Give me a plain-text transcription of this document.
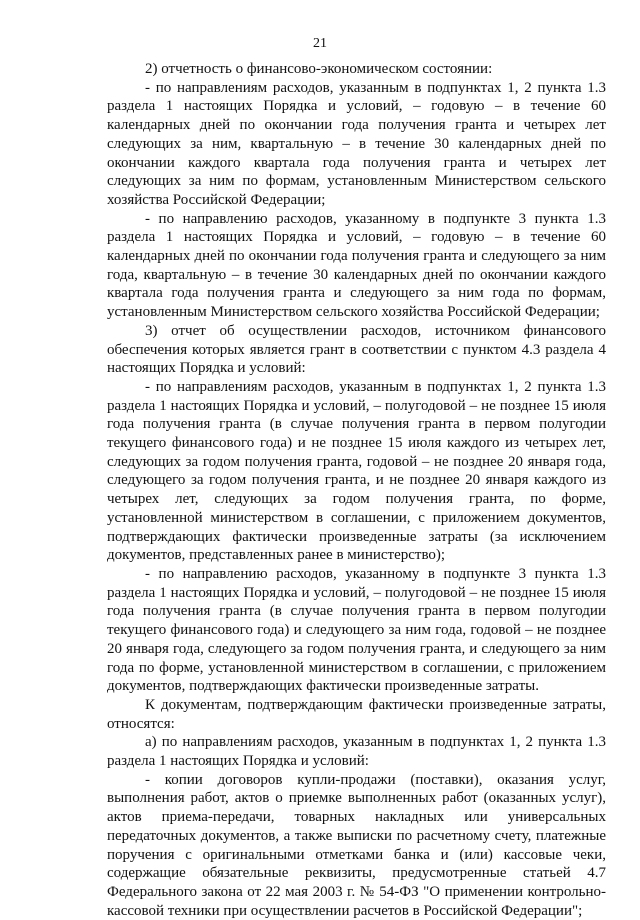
21

2) отчетность о финансово-экономическом состоянии:

- по направлениям расходов, указанным в подпунктах 1, 2 пункта 1.3 раздела 1 настоящих Порядка и условий, – годовую – в течение 60 календарных дней по окончании года получения гранта и четырех лет следующих за ним, квартальную – в течение 30 календарных дней по окончании каждого квартала года получения гранта и четырех лет следующих за ним по формам, установленным Министерством сельского хозяйства Российской Федерации;

- по направлению расходов, указанному в подпункте 3 пункта 1.3 раздела 1 настоящих Порядка и условий, – годовую – в течение 60 календарных дней по окончании года получения гранта и следующего за ним года, квартальную – в течение 30 календарных дней по окончании каждого квартала года получения гранта и следующего за ним года по формам, установленным Министерством сельского хозяйства Российской Федерации;

3) отчет об осуществлении расходов, источником финансового обеспечения которых является грант в соответствии с пунктом 4.3 раздела 4 настоящих Порядка и условий:

- по направлениям расходов, указанным в подпунктах 1, 2 пункта 1.3 раздела 1 настоящих Порядка и условий, – полугодовой – не позднее 15 июля года получения гранта (в случае получения гранта в первом полугодии текущего финансового года) и не позднее 15 июля каждого из четырех лет, следующих за годом получения гранта, годовой – не позднее 20 января года, следующего за годом получения гранта, и не позднее 20 января каждого из четырех лет, следующих за годом получения гранта, по форме, установленной министерством в соглашении, с приложением документов, подтверждающих фактически произведенные затраты (за исключением документов, представленных ранее в министерство);

- по направлению расходов, указанному в подпункте 3 пункта 1.3 раздела 1 настоящих Порядка и условий, – полугодовой – не позднее 15 июля года получения гранта (в случае получения гранта в первом полугодии текущего финансового года) и следующего за ним года, годовой – не позднее 20 января года, следующего за годом получения гранта, и следующего за ним года по форме, установленной министерством в соглашении, с приложением документов, подтверждающих фактически произведенные затраты.

К документам, подтверждающим фактически произведенные затраты, относятся:

а) по направлениям расходов, указанным в подпунктах 1, 2 пункта 1.3 раздела 1 настоящих Порядка и условий:

- копии договоров купли-продажи (поставки), оказания услуг, выполнения работ, актов о приемке выполненных работ (оказанных услуг), актов приема-передачи, товарных накладных или универсальных передаточных документов, а также выписки по расчетному счету, платежные поручения с оригинальными отметками банка и (или) кассовые чеки, содержащие обязательные реквизиты, предусмотренные статьей 4.7 Федерального закона от 22 мая 2003 г. № 54-ФЗ "О применении контрольно-кассовой техники при осуществлении расчетов в Российской Федерации";
